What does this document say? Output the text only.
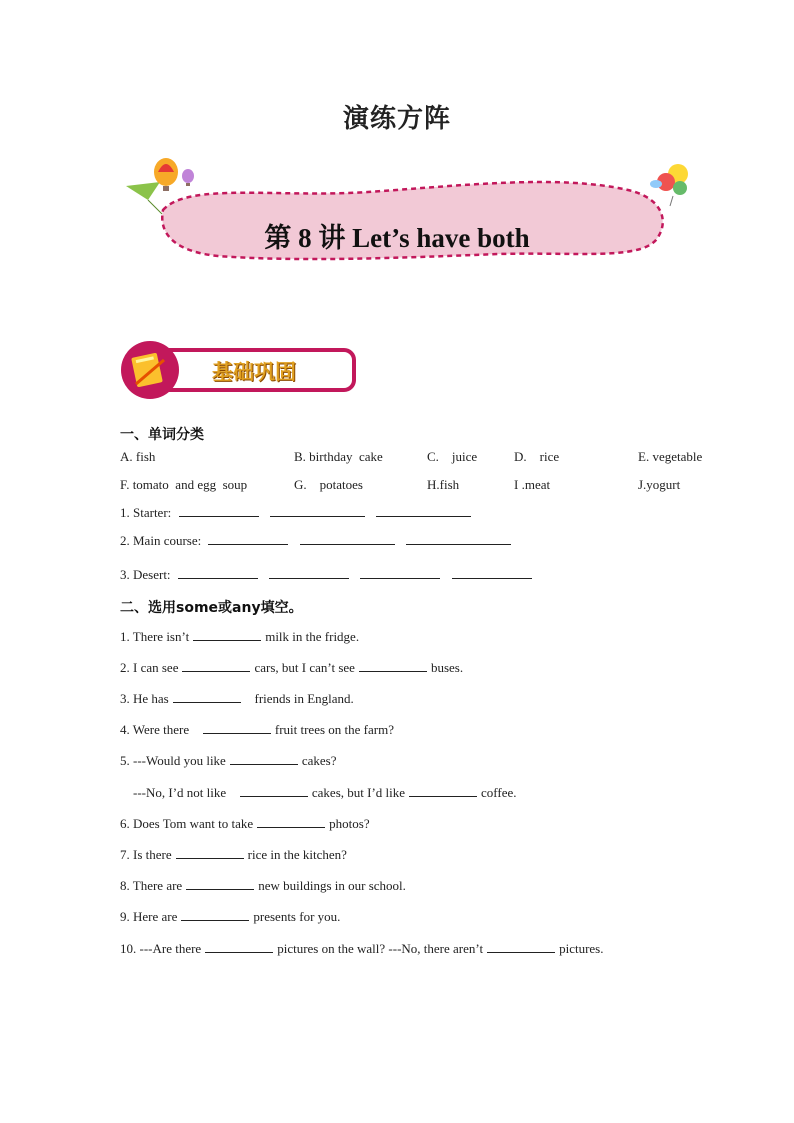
演练方阵
第 8 讲 Let’s have both
基础巩固
一、单词分类
A. fish	B. birthday  cake	C.    juice	D.    rice	E. vegetable
F. tomato  and egg  soup	G.    potatoes	H.fish	I .meat	J.yogurt
1. Starter:
2. Main course:
3. Desert:
二、选用some或any填空。
1. There isn’t	milk in the fridge.
2. I can see	cars, but I can’t see	buses.
3. He has	friends in England.
4. Were there	fruit trees on the farm?
5. ---Would you like	cakes?
---No, I’d not like	cakes, but I’d like	coffee.
6. Does Tom want to take	photos?
7. Is there	rice in the kitchen?
8. There are	new buildings in our school.
9. Here are	presents for you.
10. ---Are there	pictures on the wall? ---No, there aren’t	pictures.
